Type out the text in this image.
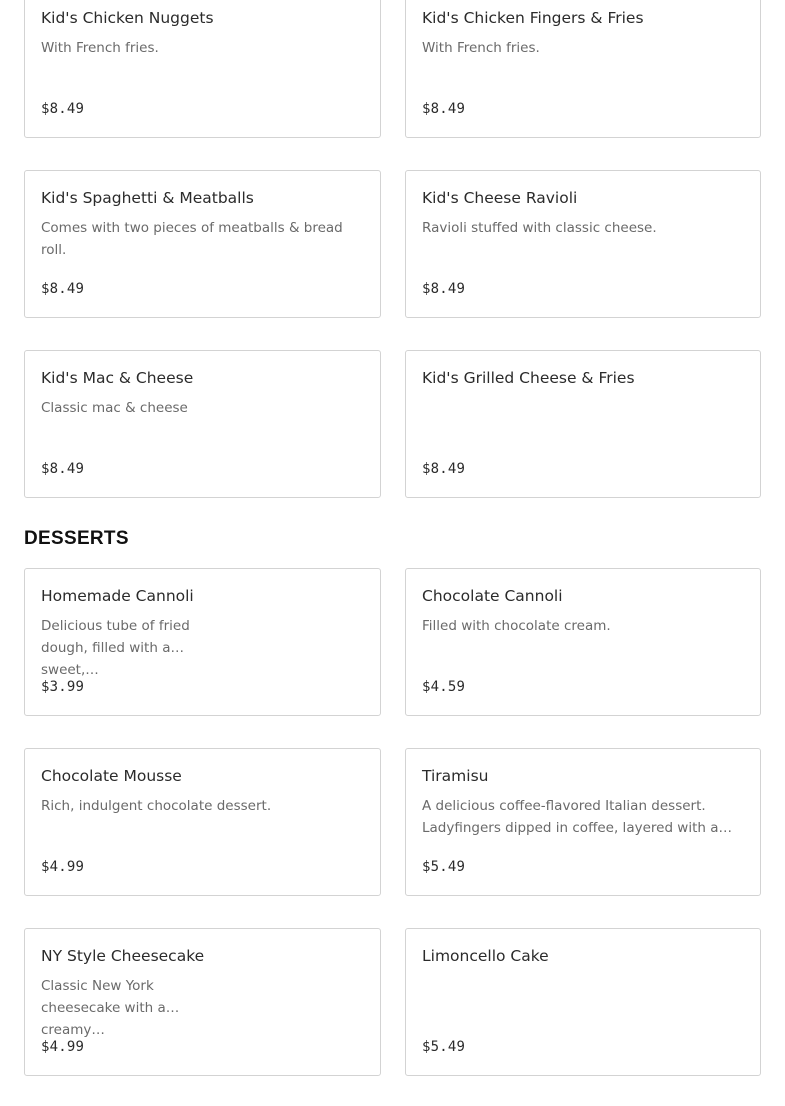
Kid's Chicken Nuggets
With French fries.
$8.49
Kid's Chicken Fingers & Fries
With French fries.
$8.49
Kid's Spaghetti & Meatballs
Comes with two pieces of meatballs & bread roll.
$8.49
Kid's Cheese Ravioli
Ravioli stuffed with classic cheese.
$8.49
Kid's Mac & Cheese
Classic mac & cheese
$8.49
Kid's Grilled Cheese & Fries
$8.49
DESSERTS
Homemade Cannoli
Delicious tube of fried dough, filled with a sweet,…
$3.99
Chocolate Cannoli
Filled with chocolate cream.
$4.59
Chocolate Mousse
Rich, indulgent chocolate dessert.
$4.99
Tiramisu
A delicious coffee-flavored Italian dessert. Ladyfingers dipped in coffee, layered with a…
$5.49
NY Style Cheesecake
Classic New York cheesecake with a creamy…
$4.99
Limoncello Cake
$5.49
